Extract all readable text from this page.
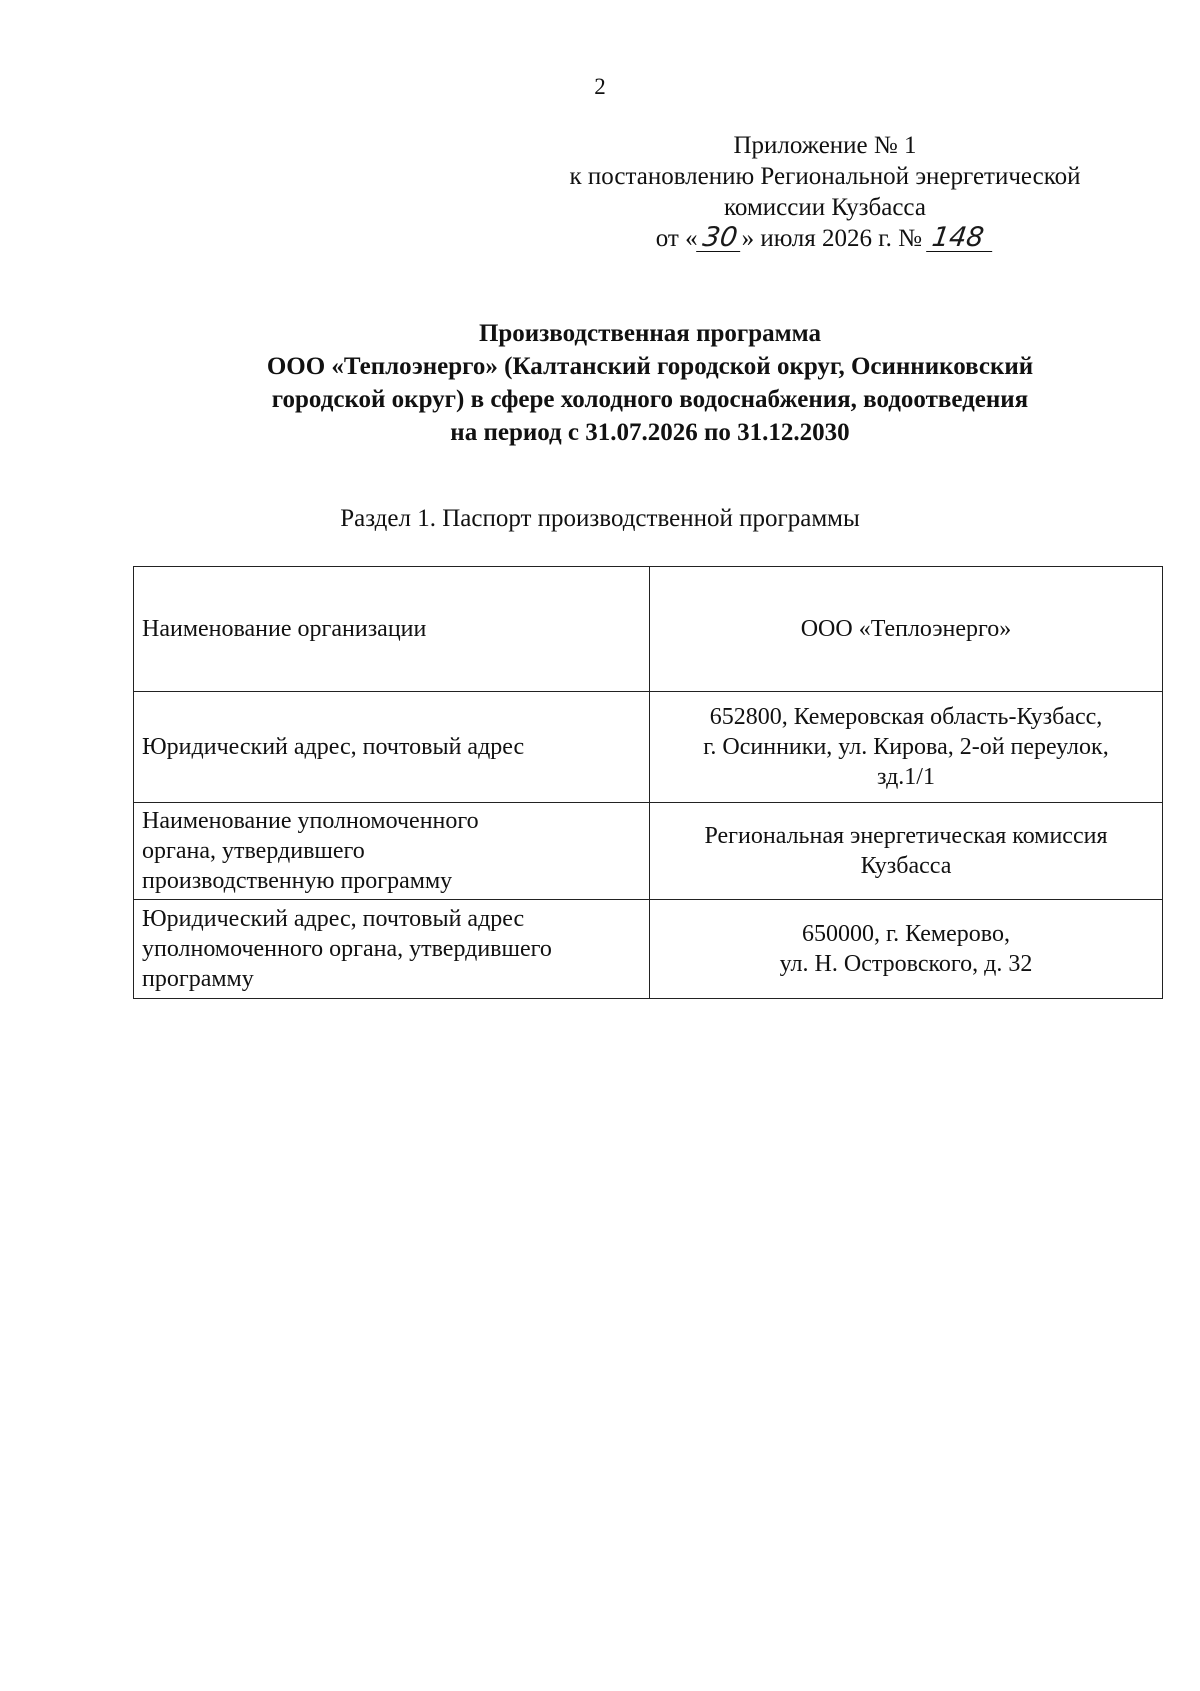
2
Приложение № 1
к постановлению Региональной энергетической
комиссии Кузбасса
от « 30 » июля 2026 г. № 148
Производственная программа
ООО «Теплоэнерго» (Калтанский городской округ, Осинниковский
городской округ) в сфере холодного водоснабжения, водоотведения
на период с 31.07.2026 по 31.12.2030
Раздел 1. Паспорт производственной программы
Наименование организации	ООО «Теплоэнерго»
Юридический адрес, почтовый адрес	652800, Кемеровская область-Кузбасс,
г. Осинники, ул. Кирова, 2-ой переулок,
зд.1/1
Наименование уполномоченного
органа, утвердившего
производственную программу	Региональная энергетическая комиссия
Кузбасса
Юридический адрес, почтовый адрес
уполномоченного органа, утвердившего
программу	650000, г. Кемерово,
ул. Н. Островского, д. 32
